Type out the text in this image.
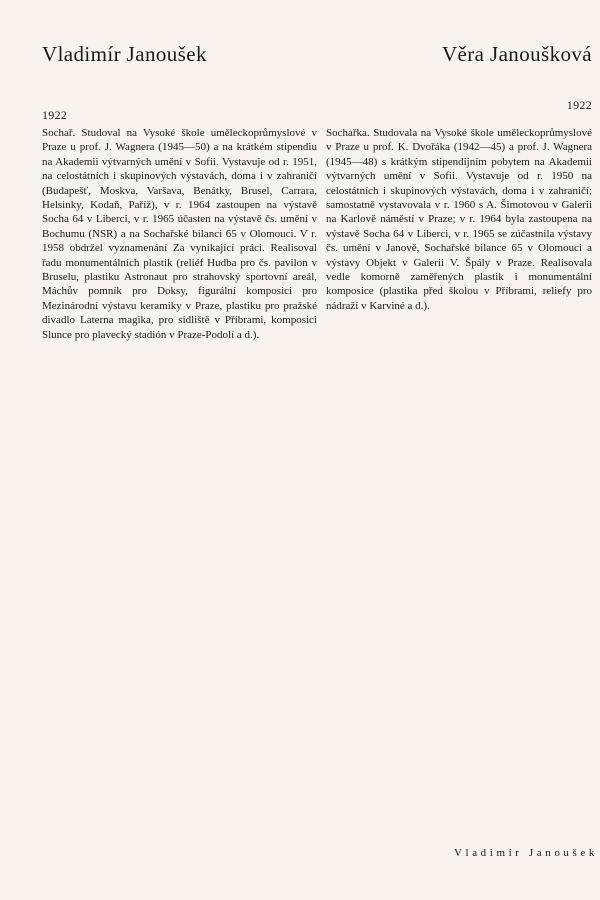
Vladimír Janoušek
1922

Sochař. Studoval na Vysoké škole uměleckoprůmyslové v Praze u prof. J. Wagnera (1945—50) a na krátkém stipendiu na Akademii výtvarných umění v Sofii. Vystavuje od r. 1951, na celostátních i skupinových výstavách, doma i v zahraničí (Budapešť, Moskva, Varšava, Benátky, Brusel, Carrara, Helsinky, Kodaň, Paříž), v r. 1964 zastoupen na výstavě Socha 64 v Liberci, v r. 1965 účasten na výstavě čs. umění v Bochumu (NSR) a na Sochařské bilanci 65 v Olomouci. V r. 1958 obdržel vyznamenání Za vynikající práci. Realisoval řadu monumentálních plastik (reliéf Hudba pro čs. pavilon v Bruselu, plastiku Astronaut pro strahovský sportovní areál, Máchův pomník pro Doksy, figurální komposici pro Mezinárodní výstavu keramiky v Praze, plastiku pro pražské divadlo Laterna magika, pro sídliště v Příbrami, komposici Slunce pro plavecký stadión v Praze-Podolí a d.).

Věra Janoušková
1922

Sochařka. Studovala na Vysoké škole uměleckoprůmyslové v Praze u prof. K. Dvořáka (1942—45) a prof. J. Wagnera (1945—48) s krátkým stipendijním pobytem na Akademii výtvarných umění v Sofii. Vystavuje od r. 1950 na celostátních i skupinových výstavách, doma i v zahraničí; samostatně vystavovala v r. 1960 s A. Šimotovou v Galerii na Karlově náměstí v Praze; v r. 1964 byla zastoupena na výstavě Socha 64 v Liberci, v r. 1965 se zúčastnila výstavy čs. umění v Janově, Sochařské bilance 65 v Olomouci a výstavy Objekt v Galerii V. Špály v Praze. Realisovala vedle komorně zaměřených plastik i monumentální komposice (plastika před školou v Příbrami, reliefy pro nádraží v Karviné a d.).

Vladimír Janoušek
